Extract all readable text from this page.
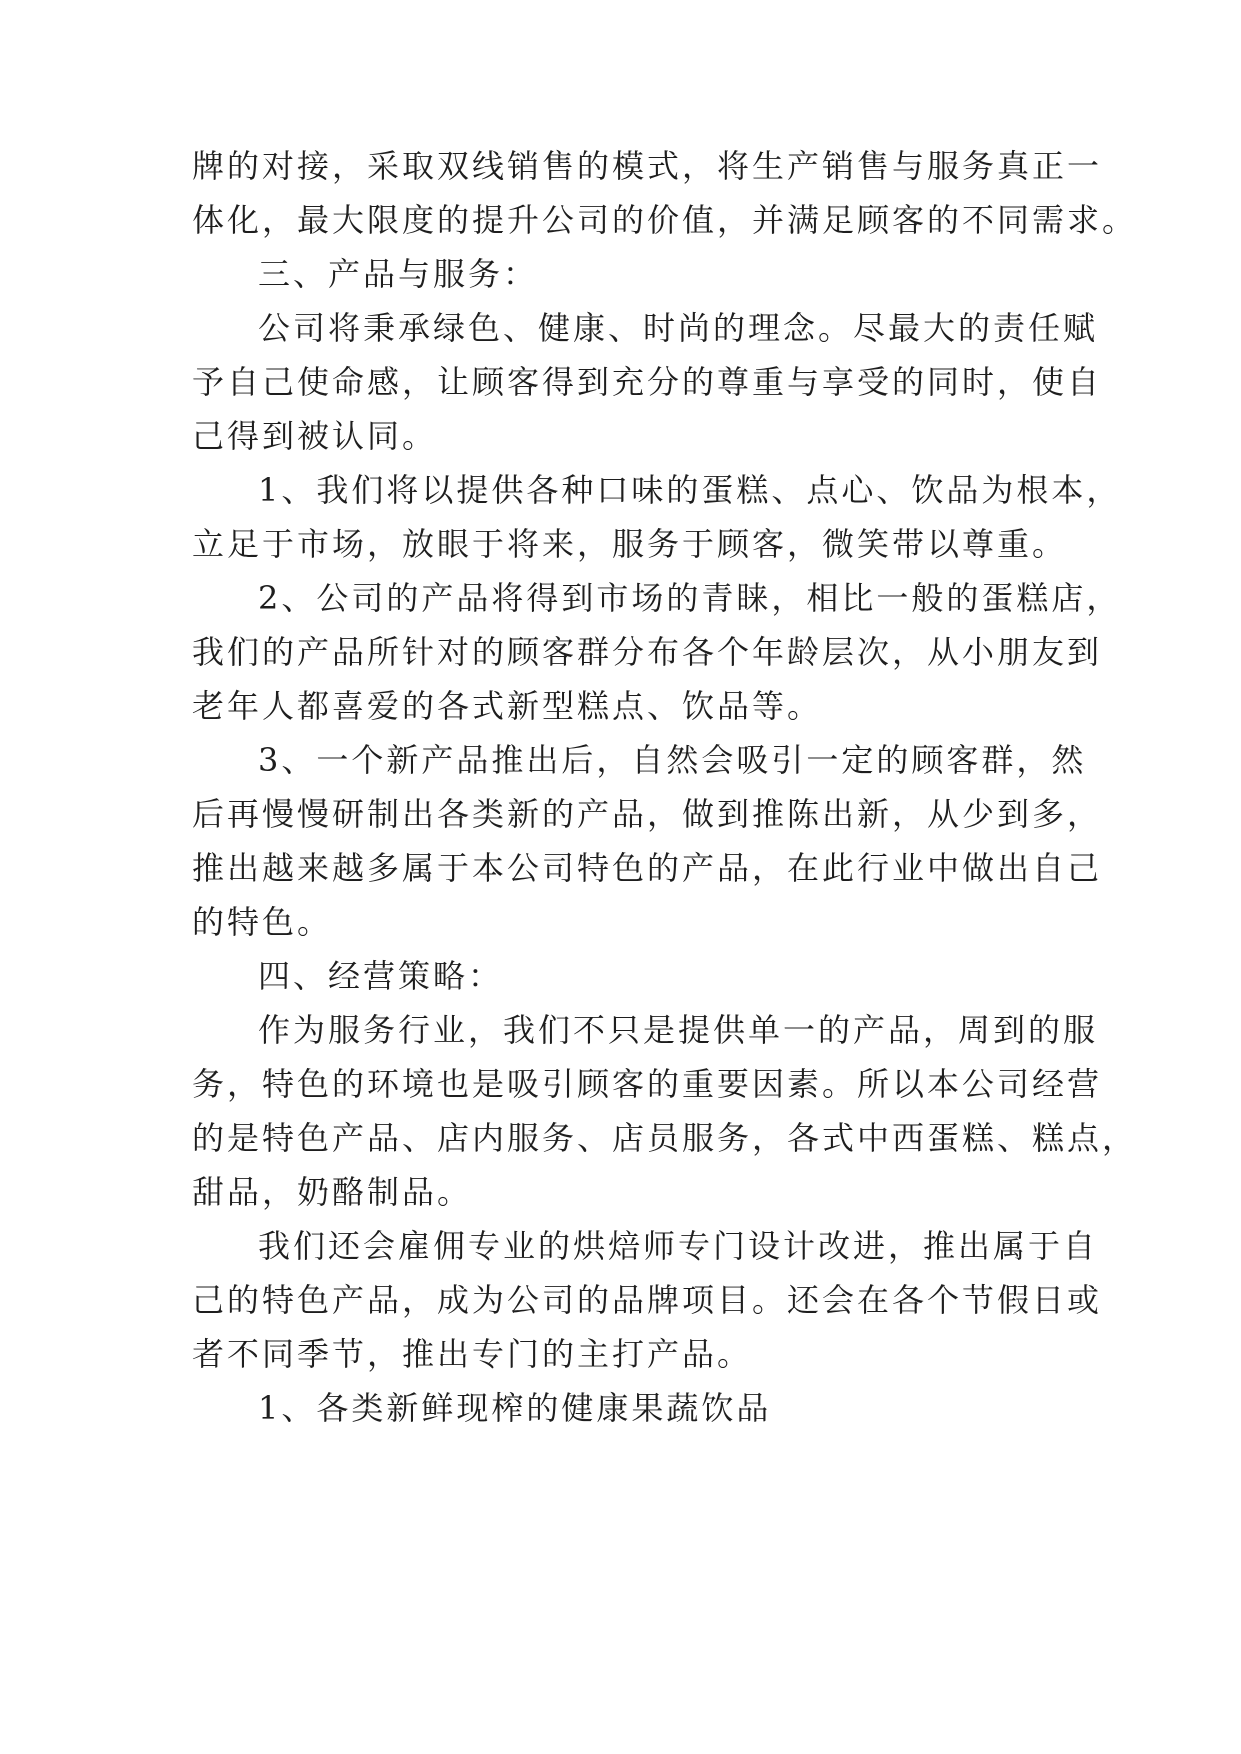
牌的对接，采取双线销售的模式，将生产销售与服务真正一
体化，最大限度的提升公司的价值，并满足顾客的不同需求。
三、产品与服务：
公司将秉承绿色、健康、时尚的理念。尽最大的责任赋
予自己使命感，让顾客得到充分的尊重与享受的同时，使自
己得到被认同。
1、我们将以提供各种口味的蛋糕、点心、饮品为根本，
立足于市场，放眼于将来，服务于顾客，微笑带以尊重。
2、公司的产品将得到市场的青睐，相比一般的蛋糕店，
我们的产品所针对的顾客群分布各个年龄层次，从小朋友到
老年人都喜爱的各式新型糕点、饮品等。
3、一个新产品推出后，自然会吸引一定的顾客群，然
后再慢慢研制出各类新的产品，做到推陈出新，从少到多，
推出越来越多属于本公司特色的产品，在此行业中做出自己
的特色。
四、经营策略：
作为服务行业，我们不只是提供单一的产品，周到的服
务，特色的环境也是吸引顾客的重要因素。所以本公司经营
的是特色产品、店内服务、店员服务，各式中西蛋糕、糕点，
甜品，奶酪制品。
我们还会雇佣专业的烘焙师专门设计改进，推出属于自
己的特色产品，成为公司的品牌项目。还会在各个节假日或
者不同季节，推出专门的主打产品。
1、各类新鲜现榨的健康果蔬饮品
